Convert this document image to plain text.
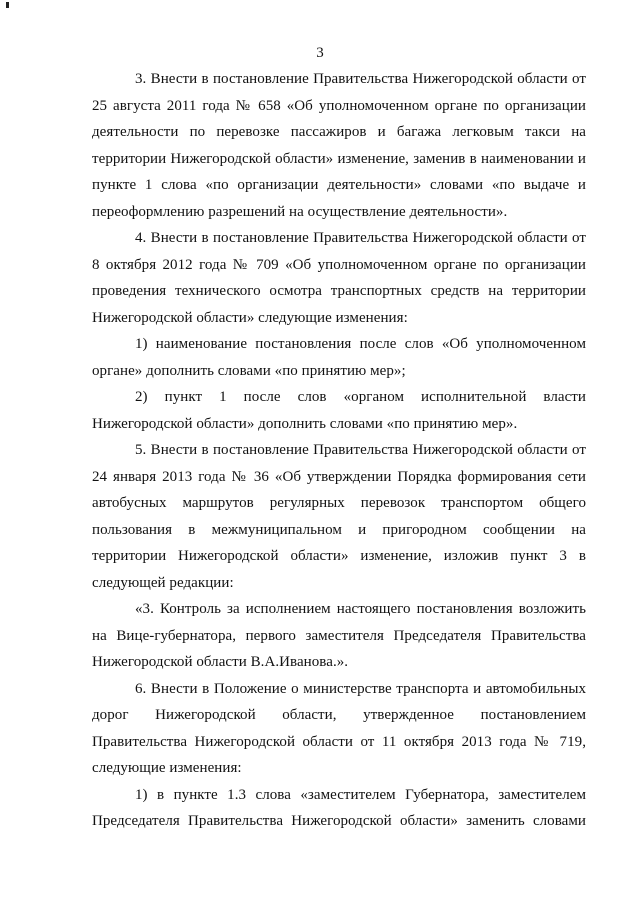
3

3. Внести в постановление Правительства Нижегородской области от 25 августа 2011 года № 658 «Об уполномоченном органе по организации деятельности по перевозке пассажиров и багажа легковым такси на территории Нижегородской области» изменение, заменив в наименовании и пункте 1 слова «по организации деятельности» словами «по выдаче и переоформлению разрешений на осуществление деятельности».

4. Внести в постановление Правительства Нижегородской области от 8 октября 2012 года № 709 «Об уполномоченном органе по организации проведения технического осмотра транспортных средств на территории Нижегородской области» следующие изменения:

1) наименование постановления после слов «Об уполномоченном органе» дополнить словами «по принятию мер»;

2) пункт 1 после слов «органом исполнительной власти Нижегородской области» дополнить словами «по принятию мер».

5. Внести в постановление Правительства Нижегородской области от 24 января 2013 года № 36 «Об утверждении Порядка формирования сети автобусных маршрутов регулярных перевозок транспортом общего пользования в межмуниципальном и пригородном сообщении на территории Нижегородской области» изменение, изложив пункт 3 в следующей редакции:

«3. Контроль за исполнением настоящего постановления возложить на Вице-губернатора, первого заместителя Председателя Правительства Нижегородской области В.А.Иванова.».

6. Внести в Положение о министерстве транспорта и автомобильных дорог Нижегородской области, утвержденное постановлением Правительства Нижегородской области от 11 октября 2013 года № 719, следующие изменения:

1) в пункте 1.3 слова «заместителем Губернатора, заместителем Председателя Правительства Нижегородской области» заменить словами
